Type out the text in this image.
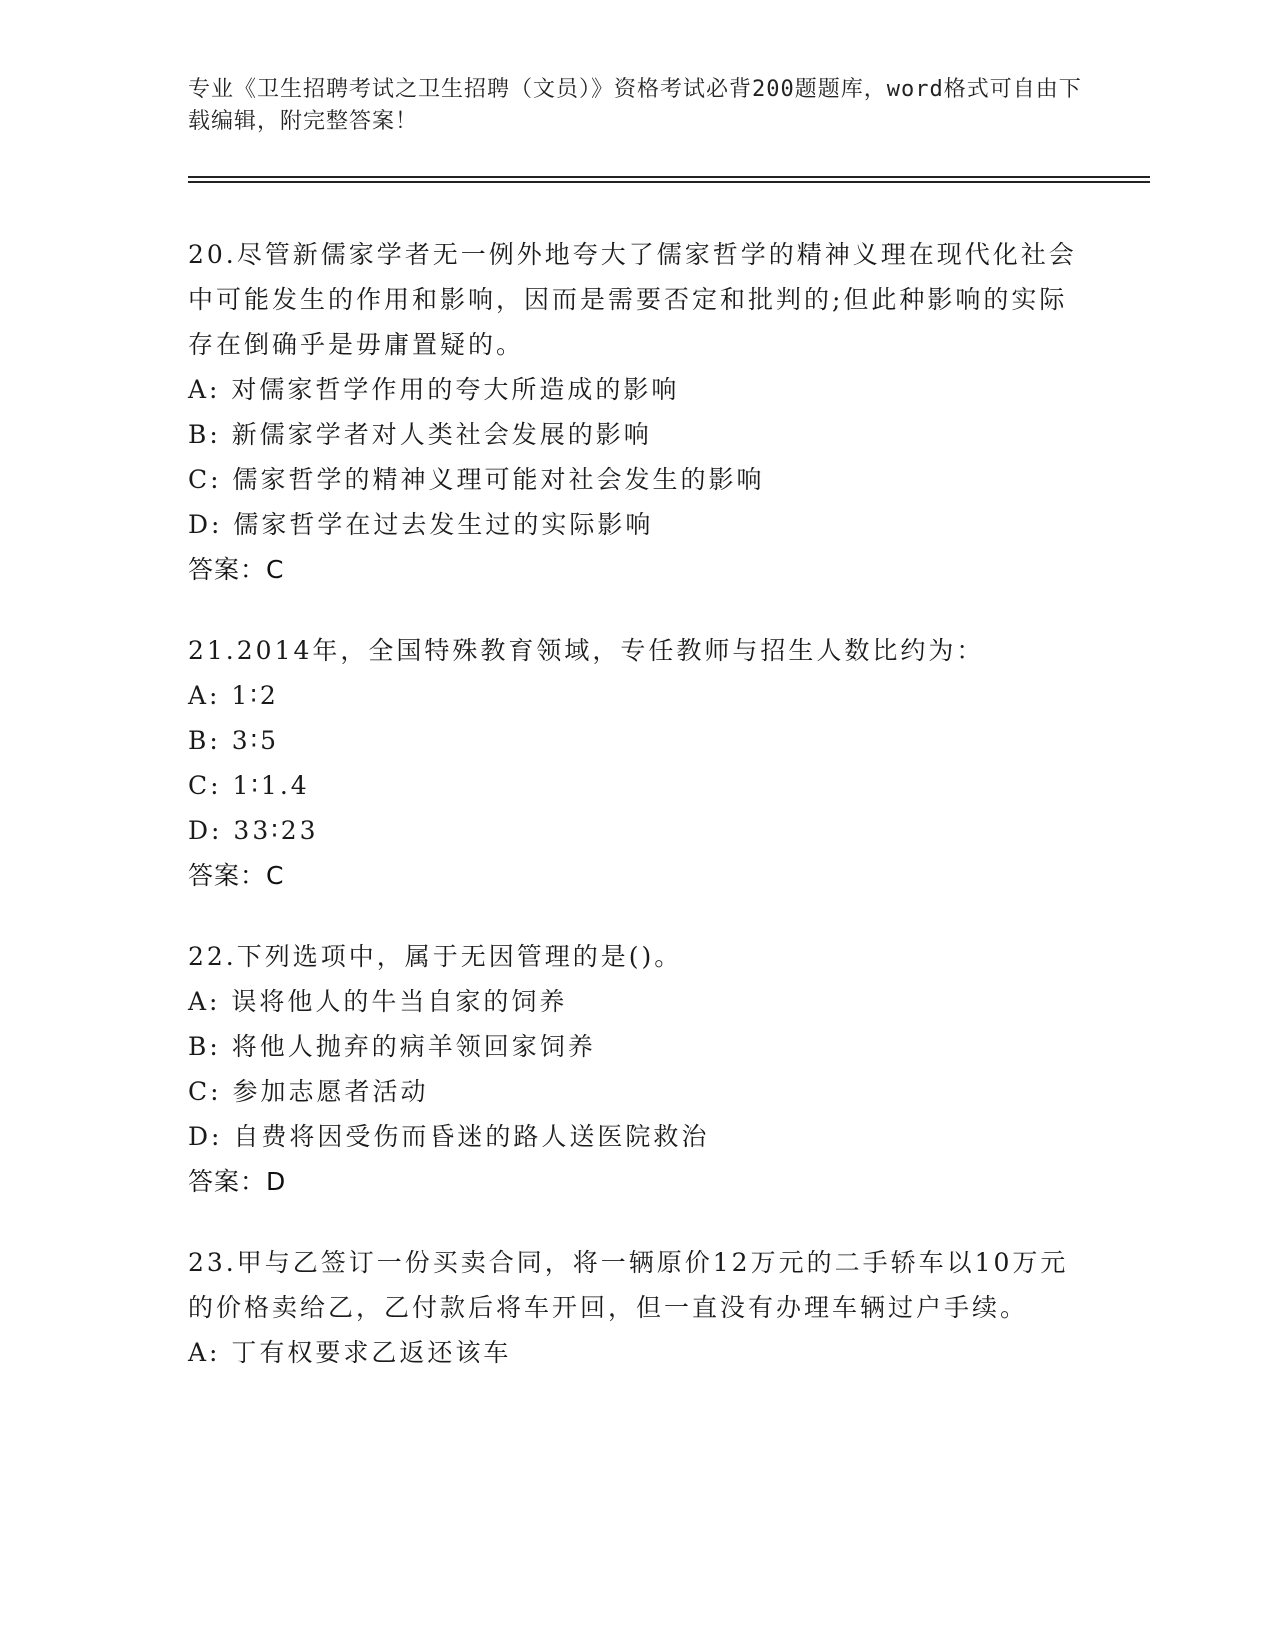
专业《卫生招聘考试之卫生招聘（文员）》资格考试必背200题题库，word格式可自由下载编辑，附完整答案！
20.尽管新儒家学者无一例外地夸大了儒家哲学的精神义理在现代化社会中可能发生的作用和影响，因而是需要否定和批判的;但此种影响的实际存在倒确乎是毋庸置疑的。
A: 对儒家哲学作用的夸大所造成的影响
B: 新儒家学者对人类社会发展的影响
C: 儒家哲学的精神义理可能对社会发生的影响
D: 儒家哲学在过去发生过的实际影响
答案：C
21.2014年，全国特殊教育领域，专任教师与招生人数比约为：
A: 1∶2
B: 3∶5
C: 1∶1.4
D: 33∶23
答案：C
22.下列选项中，属于无因管理的是()。
A: 误将他人的牛当自家的饲养
B: 将他人抛弃的病羊领回家饲养
C: 参加志愿者活动
D: 自费将因受伤而昏迷的路人送医院救治
答案：D
23.甲与乙签订一份买卖合同，将一辆原价12万元的二手轿车以10万元的价格卖给乙，乙付款后将车开回，但一直没有办理车辆过户手续。
A: 丁有权要求乙返还该车
